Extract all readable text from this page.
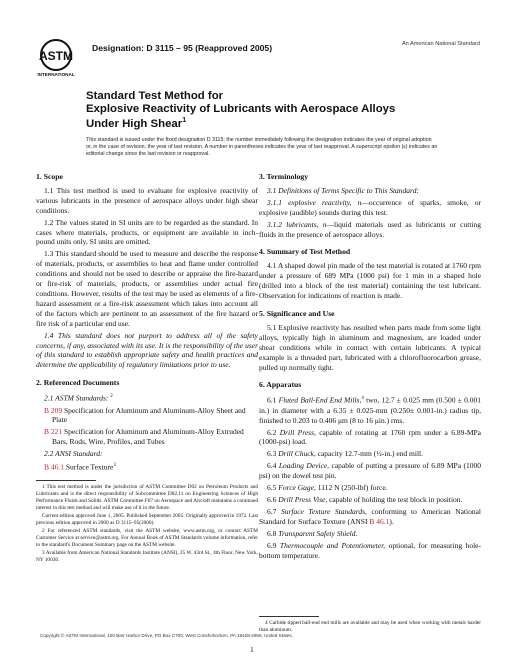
ASTM
INTERNATIONAL
Designation: D 3115 – 95 (Reapproved 2005)	An American National Standard
Standard Test Method for
Explosive Reactivity of Lubricants with Aerospace Alloys
Under High Shear$^1$
This standard is issued under the fixed designation D 3115; the number immediately following the designation indicates the year of original adoption or, in the case of revision, the year of last revision. A number in parentheses indicates the year of last reapproval. A superscript epsilon (ε) indicates an editorial change since the last revision or reapproval.
1. Scope

1.1 This test method is used to evaluate for explosive reactivity of various lubricants in the presence of aerospace alloys under high shear conditions.

1.2 The values stated in SI units are to be regarded as the standard. In cases where materials, products, or equipment are available in inch-pound units only, SI units are omitted.

1.3 This standard should be used to measure and describe the response of materials, products, or assemblies to heat and flame under controlled conditions and should not be used to describe or appraise the fire-hazard or fire-risk of materials, products, or assemblies under actual fire conditions. However, results of the test may be used as elements of a fire-hazard assessment or a fire-risk assessment which takes into account all of the factors which are pertinent to an assessment of the fire hazard or fire risk of a particular end use.

1.4 This standard does not purport to address all of the safety concerns, if any, associated with its use. It is the responsibility of the user of this standard to establish appropriate safety and health practices and determine the applicability of regulatory limitations prior to use.

2. Referenced Documents

2.1 ASTM Standards: $^2$

B 209 Specification for Aluminum and Aluminum-Alloy Sheet and Plate

B 221 Specification for Aluminum and Aluminum-Alloy Extruded Bars, Rods, Wire, Profiles, and Tubes

2.2 ANSI Standard:

B 46.1 Surface Texture$^3$

1 This test method is under the jurisdiction of ASTM Committee D02 on Petroleum Products and Lubricants and is the direct responsibility of Subcommittee D02.11 on Engineering Sciences of High Performance Fluids and Solids. ASTM Committee F07 on Aerospace and Aircraft maintains a continued interest in this test method and will make use of it in the future.

Current edition approved June 1, 2005. Published September 2005. Originally approved in 1972. Last previous edition approved in 2000 as D 3115–95(2000).

2 For referenced ASTM standards, visit the ASTM website, www.astm.org, or contact ASTM Customer Service at service@astm.org. For Annual Book of ASTM Standards volume information, refer to the standard's Document Summary page on the ASTM website.

3 Available from American National Standards Institute (ANSI), 25 W. 43rd St., 4th Floor, New York, NY 10036.

3. Terminology

3.1 Definitions of Terms Specific to This Standard:

3.1.1 explosive reactivity, n—occurrence of sparks, smoke, or explosive (audible) sounds during this test.

3.1.2 lubricants, n—liquid materials used as lubricants or cutting fluids in the presence of aerospace alloys.

4. Summary of Test Method

4.1 A shaped dowel pin made of the test material is rotated at 1760 rpm under a pressure of 689 MPa (1000 psi) for 1 min in a shaped hole (drilled into a block of the test material) containing the test lubricant. Observation for indications of reaction is made.

5. Significance and Use

5.1 Explosive reactivity has resulted when parts made from some light alloys, typically high in aluminum and magnesium, are loaded under shear conditions while in contact with certain lubricants. A typical example is a threaded part, lubricated with a chlorofluorocarbon grease, pulled up normally tight.

6. Apparatus

6.1 Fluted Ball-End End Mills,$^4$ two, 12.7 ± 0.025 mm (0.500 ± 0.001 in.) in diameter with a 6.35 ± 0.025-mm (0.250± 0.001-in.) radius tip, finished to 0.203 to 0.406 μm (8 to 16 μin.) rms.

6.2 Drill Press, capable of rotating at 1760 rpm under a 6.89-MPa (1000-psi) load.

6.3 Drill Chuck, capacity 12.7-mm (½-in.) end mill.

6.4 Loading Device, capable of putting a pressure of 6.89 MPa (1000 psi) on the dowel test pin.

6.5 Force Gage, 1112 N (250-lbf) force.

6.6 Drill Press Vise, capable of holding the test block in position.

6.7 Surface Texture Standards, conforming to American National Standard for Surface Texture (ANSI B 46.1).

6.8 Transparent Safety Shield.

6.9 Thermocouple and Potentiometer, optional, for measuring hole-bottom temperature.

4 Carbide tipped ball-end end mills are available and may be used when working with metals harder than aluminum.

Copyright © ASTM International, 100 Barr Harbor Drive, PO Box C700, West Conshohocken, PA 19428-2959, United States.
1
